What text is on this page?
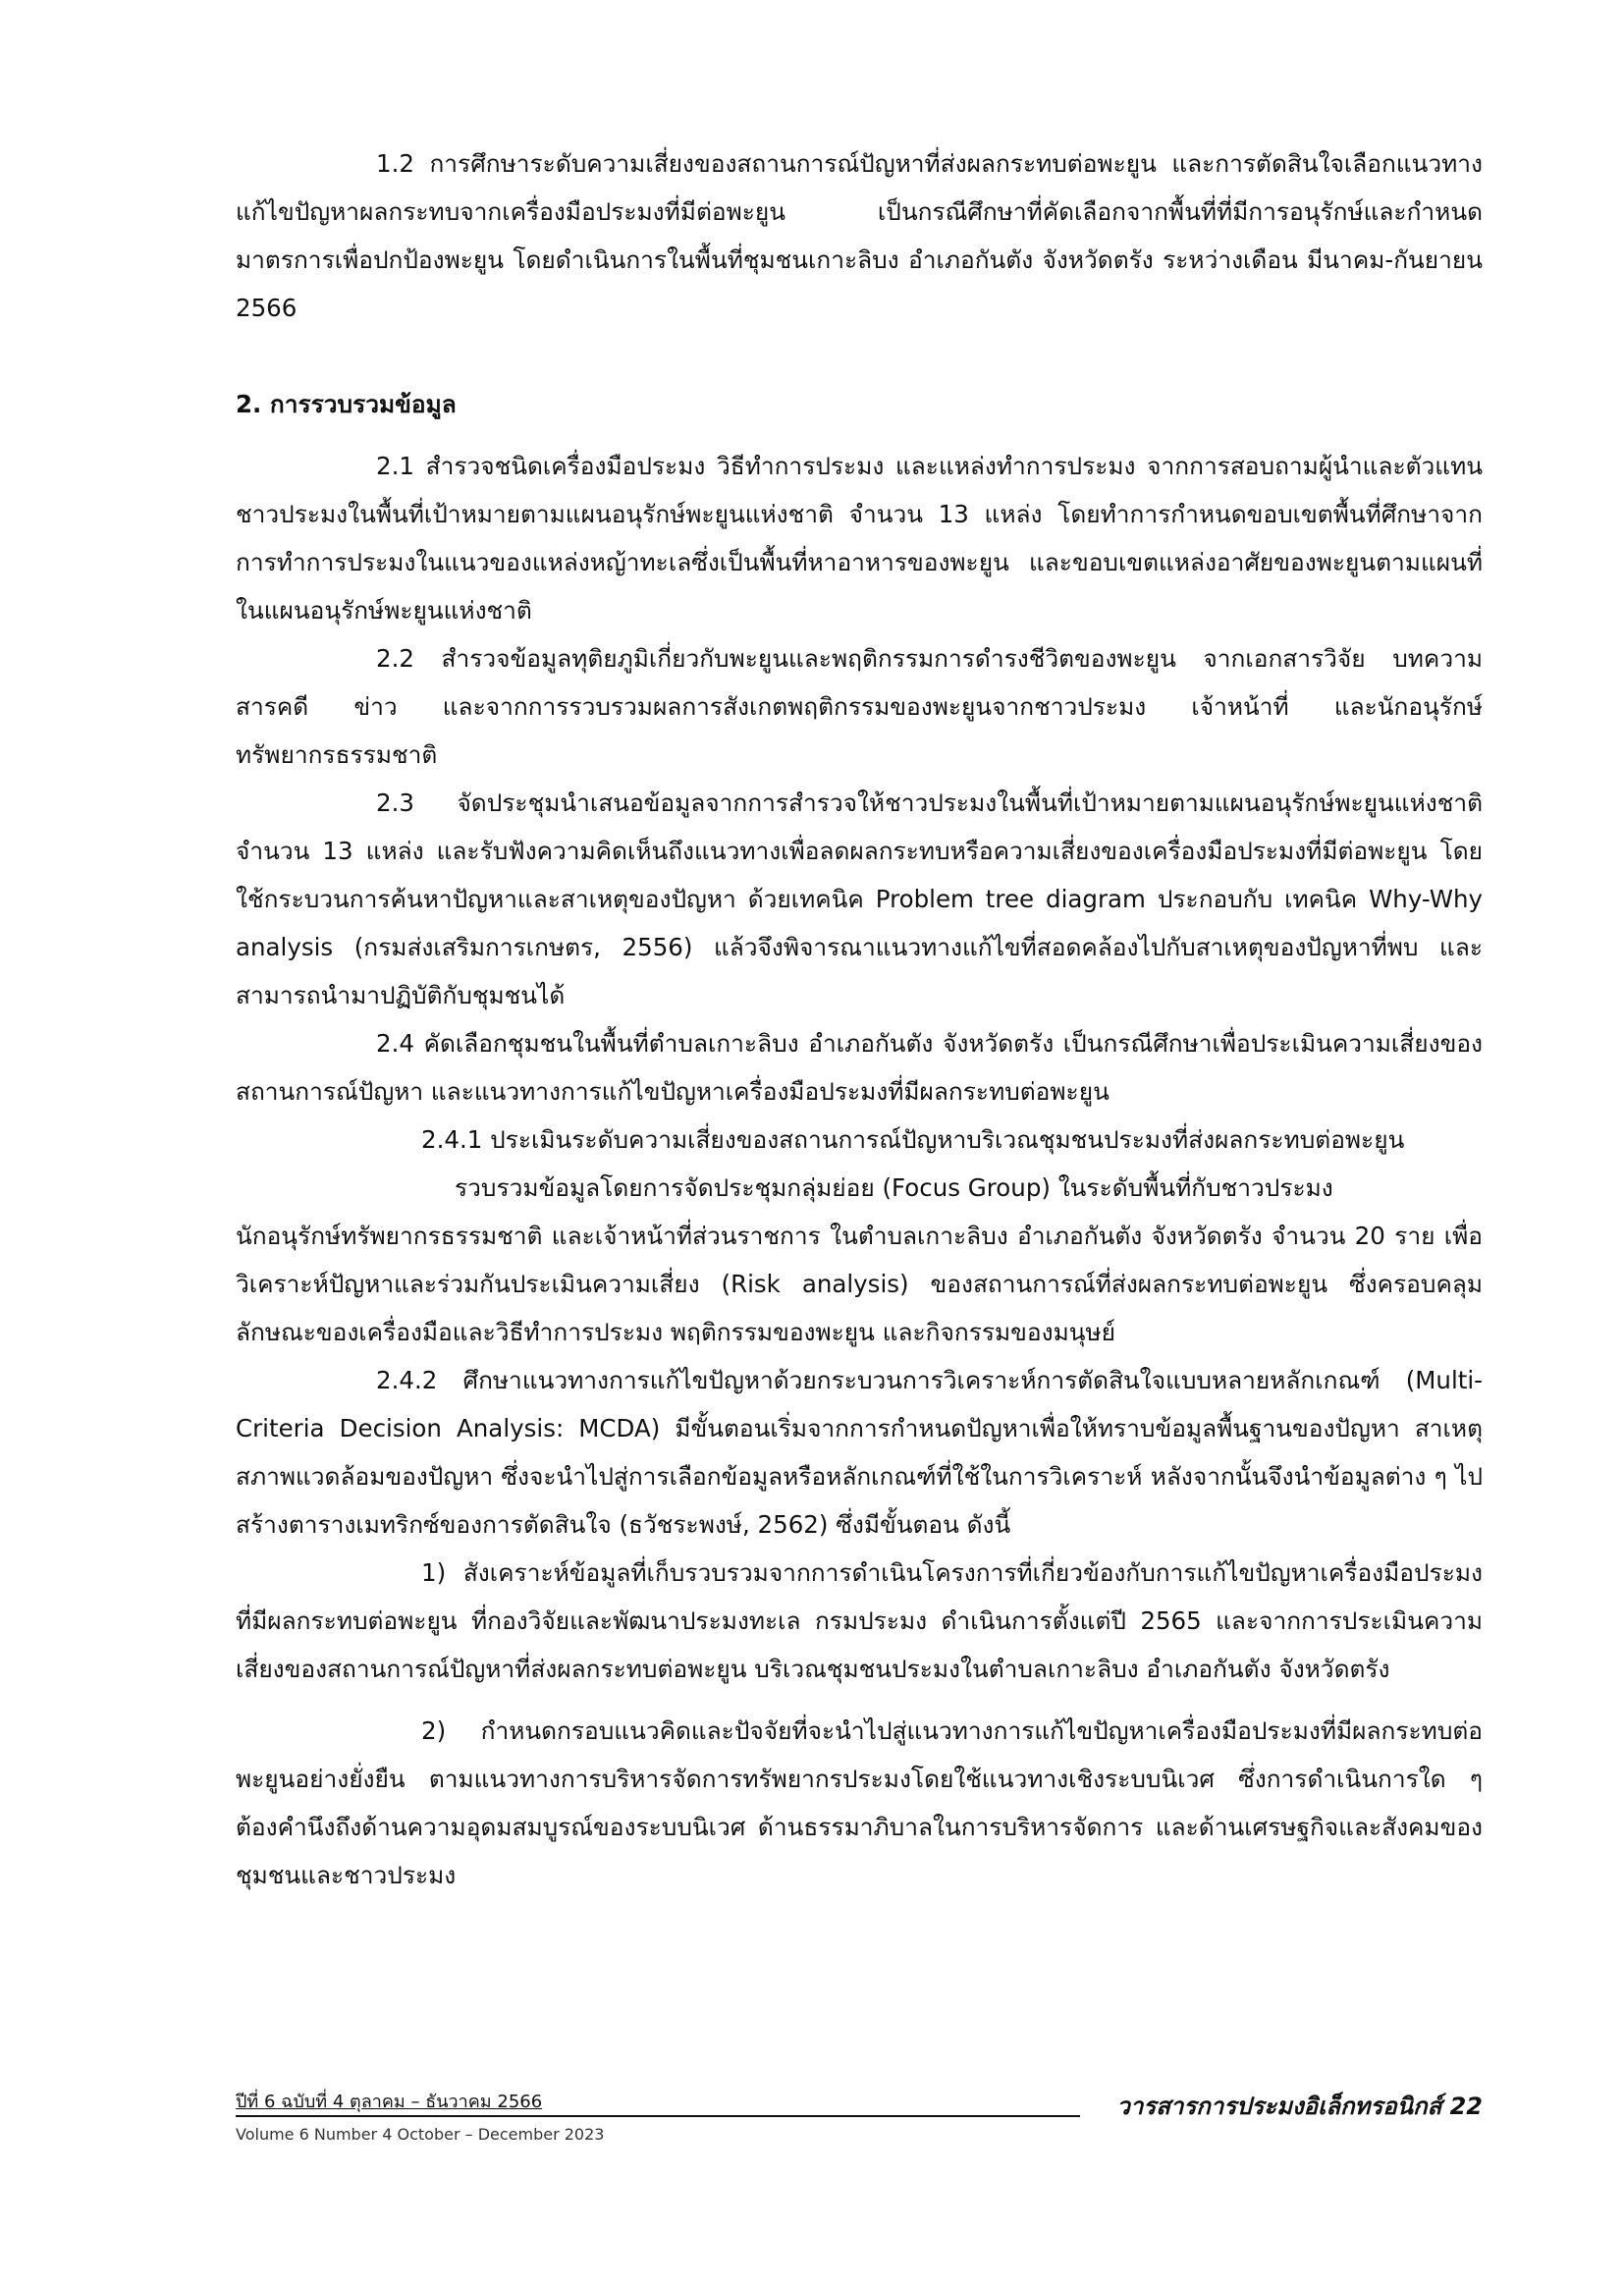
1.2 การศึกษาระดับความเสี่ยงของสถานการณ์ปัญหาที่ส่งผลกระทบต่อพะยูน และการตัดสินใจเลือกแนวทางแก้ไขปัญหาผลกระทบจากเครื่องมือประมงที่มีต่อพะยูน เป็นกรณีศึกษาที่คัดเลือกจากพื้นที่ที่มีการอนุรักษ์และกำหนดมาตรการเพื่อปกป้องพะยูน โดยดำเนินการในพื้นที่ชุมชนเกาะลิบง อำเภอกันตัง จังหวัดตรัง ระหว่างเดือน มีนาคม-กันยายน 2566

2. การรวบรวมข้อมูล

2.1 สำรวจชนิดเครื่องมือประมง วิธีทำการประมง และแหล่งทำการประมง จากการสอบถามผู้นำและตัวแทนชาวประมงในพื้นที่เป้าหมายตามแผนอนุรักษ์พะยูนแห่งชาติ จำนวน 13 แหล่ง โดยทำการกำหนดขอบเขตพื้นที่ศึกษาจากการทำการประมงในแนวของแหล่งหญ้าทะเลซึ่งเป็นพื้นที่หาอาหารของพะยูน และขอบเขตแหล่งอาศัยของพะยูนตามแผนที่ในแผนอนุรักษ์พะยูนแห่งชาติ

2.2 สำรวจข้อมูลทุติยภูมิเกี่ยวกับพะยูนและพฤติกรรมการดำรงชีวิตของพะยูน จากเอกสารวิจัย บทความ สารคดี ข่าว และจากการรวบรวมผลการสังเกตพฤติกรรมของพะยูนจากชาวประมง เจ้าหน้าที่ และนักอนุรักษ์ทรัพยากรธรรมชาติ

2.3 จัดประชุมนำเสนอข้อมูลจากการสำรวจให้ชาวประมงในพื้นที่เป้าหมายตามแผนอนุรักษ์พะยูนแห่งชาติ จำนวน 13 แหล่ง และรับฟังความคิดเห็นถึงแนวทางเพื่อลดผลกระทบหรือความเสี่ยงของเครื่องมือประมงที่มีต่อพะยูน โดยใช้กระบวนการค้นหาปัญหาและสาเหตุของปัญหา ด้วยเทคนิค Problem tree diagram ประกอบกับ เทคนิค Why-Why analysis (กรมส่งเสริมการเกษตร, 2556) แล้วจึงพิจารณาแนวทางแก้ไขที่สอดคล้องไปกับสาเหตุของปัญหาที่พบ และสามารถนำมาปฏิบัติกับชุมชนได้

2.4 คัดเลือกชุมชนในพื้นที่ตำบลเกาะลิบง อำเภอกันตัง จังหวัดตรัง เป็นกรณีศึกษาเพื่อประเมินความเสี่ยงของสถานการณ์ปัญหา และแนวทางการแก้ไขปัญหาเครื่องมือประมงที่มีผลกระทบต่อพะยูน

2.4.1 ประเมินระดับความเสี่ยงของสถานการณ์ปัญหาบริเวณชุมชนประมงที่ส่งผลกระทบต่อพะยูน

รวบรวมข้อมูลโดยการจัดประชุมกลุ่มย่อย (Focus Group) ในระดับพื้นที่กับชาวประมง

นักอนุรักษ์ทรัพยากรธรรมชาติ และเจ้าหน้าที่ส่วนราชการ ในตำบลเกาะลิบง อำเภอกันตัง จังหวัดตรัง จำนวน 20 ราย เพื่อวิเคราะห์ปัญหาและร่วมกันประเมินความเสี่ยง (Risk analysis) ของสถานการณ์ที่ส่งผลกระทบต่อพะยูน ซึ่งครอบคลุมลักษณะของเครื่องมือและวิธีทำการประมง พฤติกรรมของพะยูน และกิจกรรมของมนุษย์

2.4.2 ศึกษาแนวทางการแก้ไขปัญหาด้วยกระบวนการวิเคราะห์การตัดสินใจแบบหลายหลักเกณฑ์ (Multi-Criteria Decision Analysis: MCDA) มีขั้นตอนเริ่มจากการกำหนดปัญหาเพื่อให้ทราบข้อมูลพื้นฐานของปัญหา สาเหตุ สภาพแวดล้อมของปัญหา ซึ่งจะนำไปสู่การเลือกข้อมูลหรือหลักเกณฑ์ที่ใช้ในการวิเคราะห์ หลังจากนั้นจึงนำข้อมูลต่าง ๆ ไปสร้างตารางเมทริกซ์ของการตัดสินใจ (ธวัชระพงษ์, 2562) ซึ่งมีขั้นตอน ดังนี้

1) สังเคราะห์ข้อมูลที่เก็บรวบรวมจากการดำเนินโครงการที่เกี่ยวข้องกับการแก้ไขปัญหาเครื่องมือประมงที่มีผลกระทบต่อพะยูน ที่กองวิจัยและพัฒนาประมงทะเล กรมประมง ดำเนินการตั้งแต่ปี 2565 และจากการประเมินความเสี่ยงของสถานการณ์ปัญหาที่ส่งผลกระทบต่อพะยูน บริเวณชุมชนประมงในตำบลเกาะลิบง อำเภอกันตัง จังหวัดตรัง

2) กำหนดกรอบแนวคิดและปัจจัยที่จะนำไปสู่แนวทางการแก้ไขปัญหาเครื่องมือประมงที่มีผลกระทบต่อพะยูนอย่างยั่งยืน ตามแนวทางการบริหารจัดการทรัพยากรประมงโดยใช้แนวทางเชิงระบบนิเวศ ซึ่งการดำเนินการใด ๆ ต้องคำนึงถึงด้านความอุดมสมบูรณ์ของระบบนิเวศ ด้านธรรมาภิบาลในการบริหารจัดการ และด้านเศรษฐกิจและสังคมของชุมชนและชาวประมง

ปีที่ 6 ฉบับที่ 4 ตุลาคม – ธันวาคม 2566	วารสารการประมงอิเล็กทรอนิกส์ 22
Volume 6 Number 4 October – December 2023
